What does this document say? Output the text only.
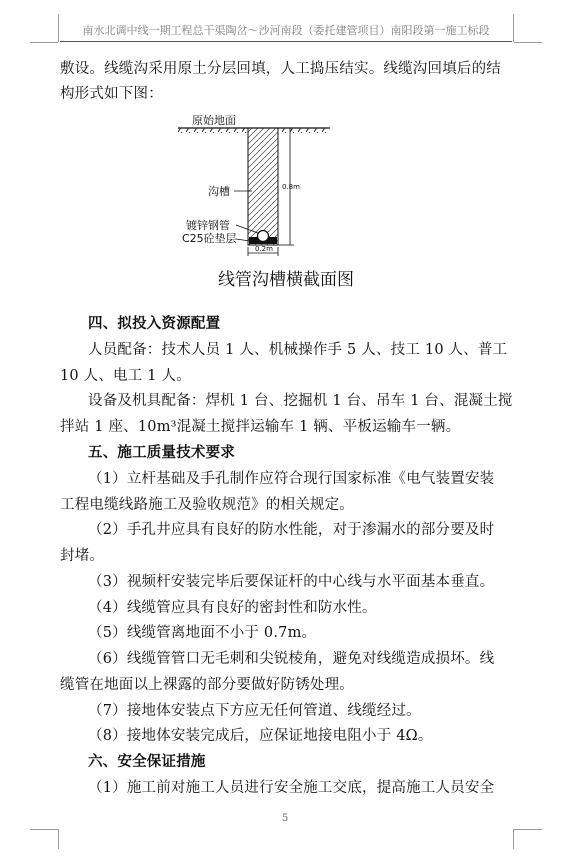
南水北调中线一期工程总干渠陶岔～沙河南段（委托建管项目）南阳段第一施工标段
敷设。线缆沟采用原土分层回填，人工捣压结实。线缆沟回填后的结
构形式如下图：
原始地面
沟槽
镀锌钢管
C25砼垫层
0.8m
0.2m
线管沟槽横截面图
四、拟投入资源配置
人员配备：技术人员 1 人、机械操作手 5 人、技工 10 人、普工
10 人、电工 1 人。
设备及机具配备：焊机 1 台、挖掘机 1 台、吊车 1 台、混凝土搅
拌站 1 座、10m³混凝土搅拌运输车 1 辆、平板运输车一辆。
五、施工质量技术要求
（1）立杆基础及手孔制作应符合现行国家标准《电气装置安装
工程电缆线路施工及验收规范》的相关规定。
（2）手孔井应具有良好的防水性能，对于渗漏水的部分要及时
封堵。
（3）视频杆安装完毕后要保证杆的中心线与水平面基本垂直。
（4）线缆管应具有良好的密封性和防水性。
（5）线缆管离地面不小于 0.7m。
（6）线缆管管口无毛刺和尖锐棱角，避免对线缆造成损坏。线
缆管在地面以上裸露的部分要做好防锈处理。
（7）接地体安装点下方应无任何管道、线缆经过。
（8）接地体安装完成后，应保证地接电阻小于 4Ω。
六、安全保证措施
（1）施工前对施工人员进行安全施工交底，提高施工人员安全
5
